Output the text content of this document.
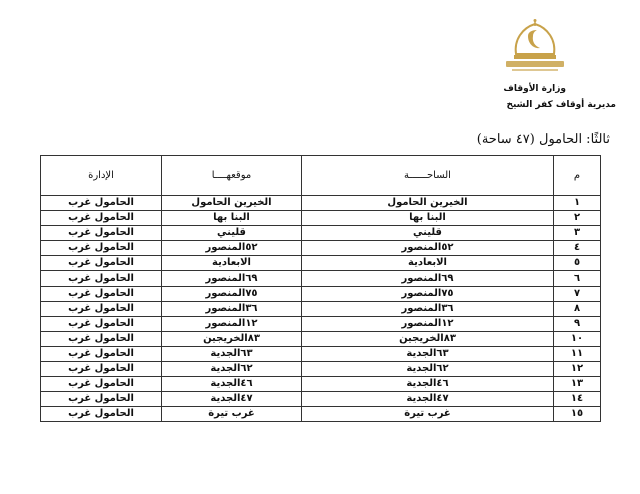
وزارة الأوقاف
مديرية أوقاف كفر الشيخ
ثالثًا: الحامول (٤٧ ساحة)
م	الساحــــــة	موقعهــــا	الإدارة
١	الخيرين الحامول	الخيرين الحامول	الحامول غرب
٢	البنا بها	البنا بها	الحامول غرب
٣	قليني	قليني	الحامول غرب
٤	٥٢المنصور	٥٢المنصور	الحامول غرب
٥	الابعادية	الابعادية	الحامول غرب
٦	٦٩المنصور	٦٩المنصور	الحامول غرب
٧	٧٥المنصور	٧٥المنصور	الحامول غرب
٨	٣٦المنصور	٣٦المنصور	الحامول غرب
٩	١٢المنصور	١٢المنصور	الحامول غرب
١٠	٨٣الخريجين	٨٣الخريجين	الحامول غرب
١١	٦٣الجدية	٦٣الجدية	الحامول غرب
١٢	٦٢الجدية	٦٢الجدية	الحامول غرب
١٣	٤٦الجدية	٤٦الجدية	الحامول غرب
١٤	٤٧الجدية	٤٧الجدية	الحامول غرب
١٥	غرب تيرة	غرب تيرة	الحامول غرب
